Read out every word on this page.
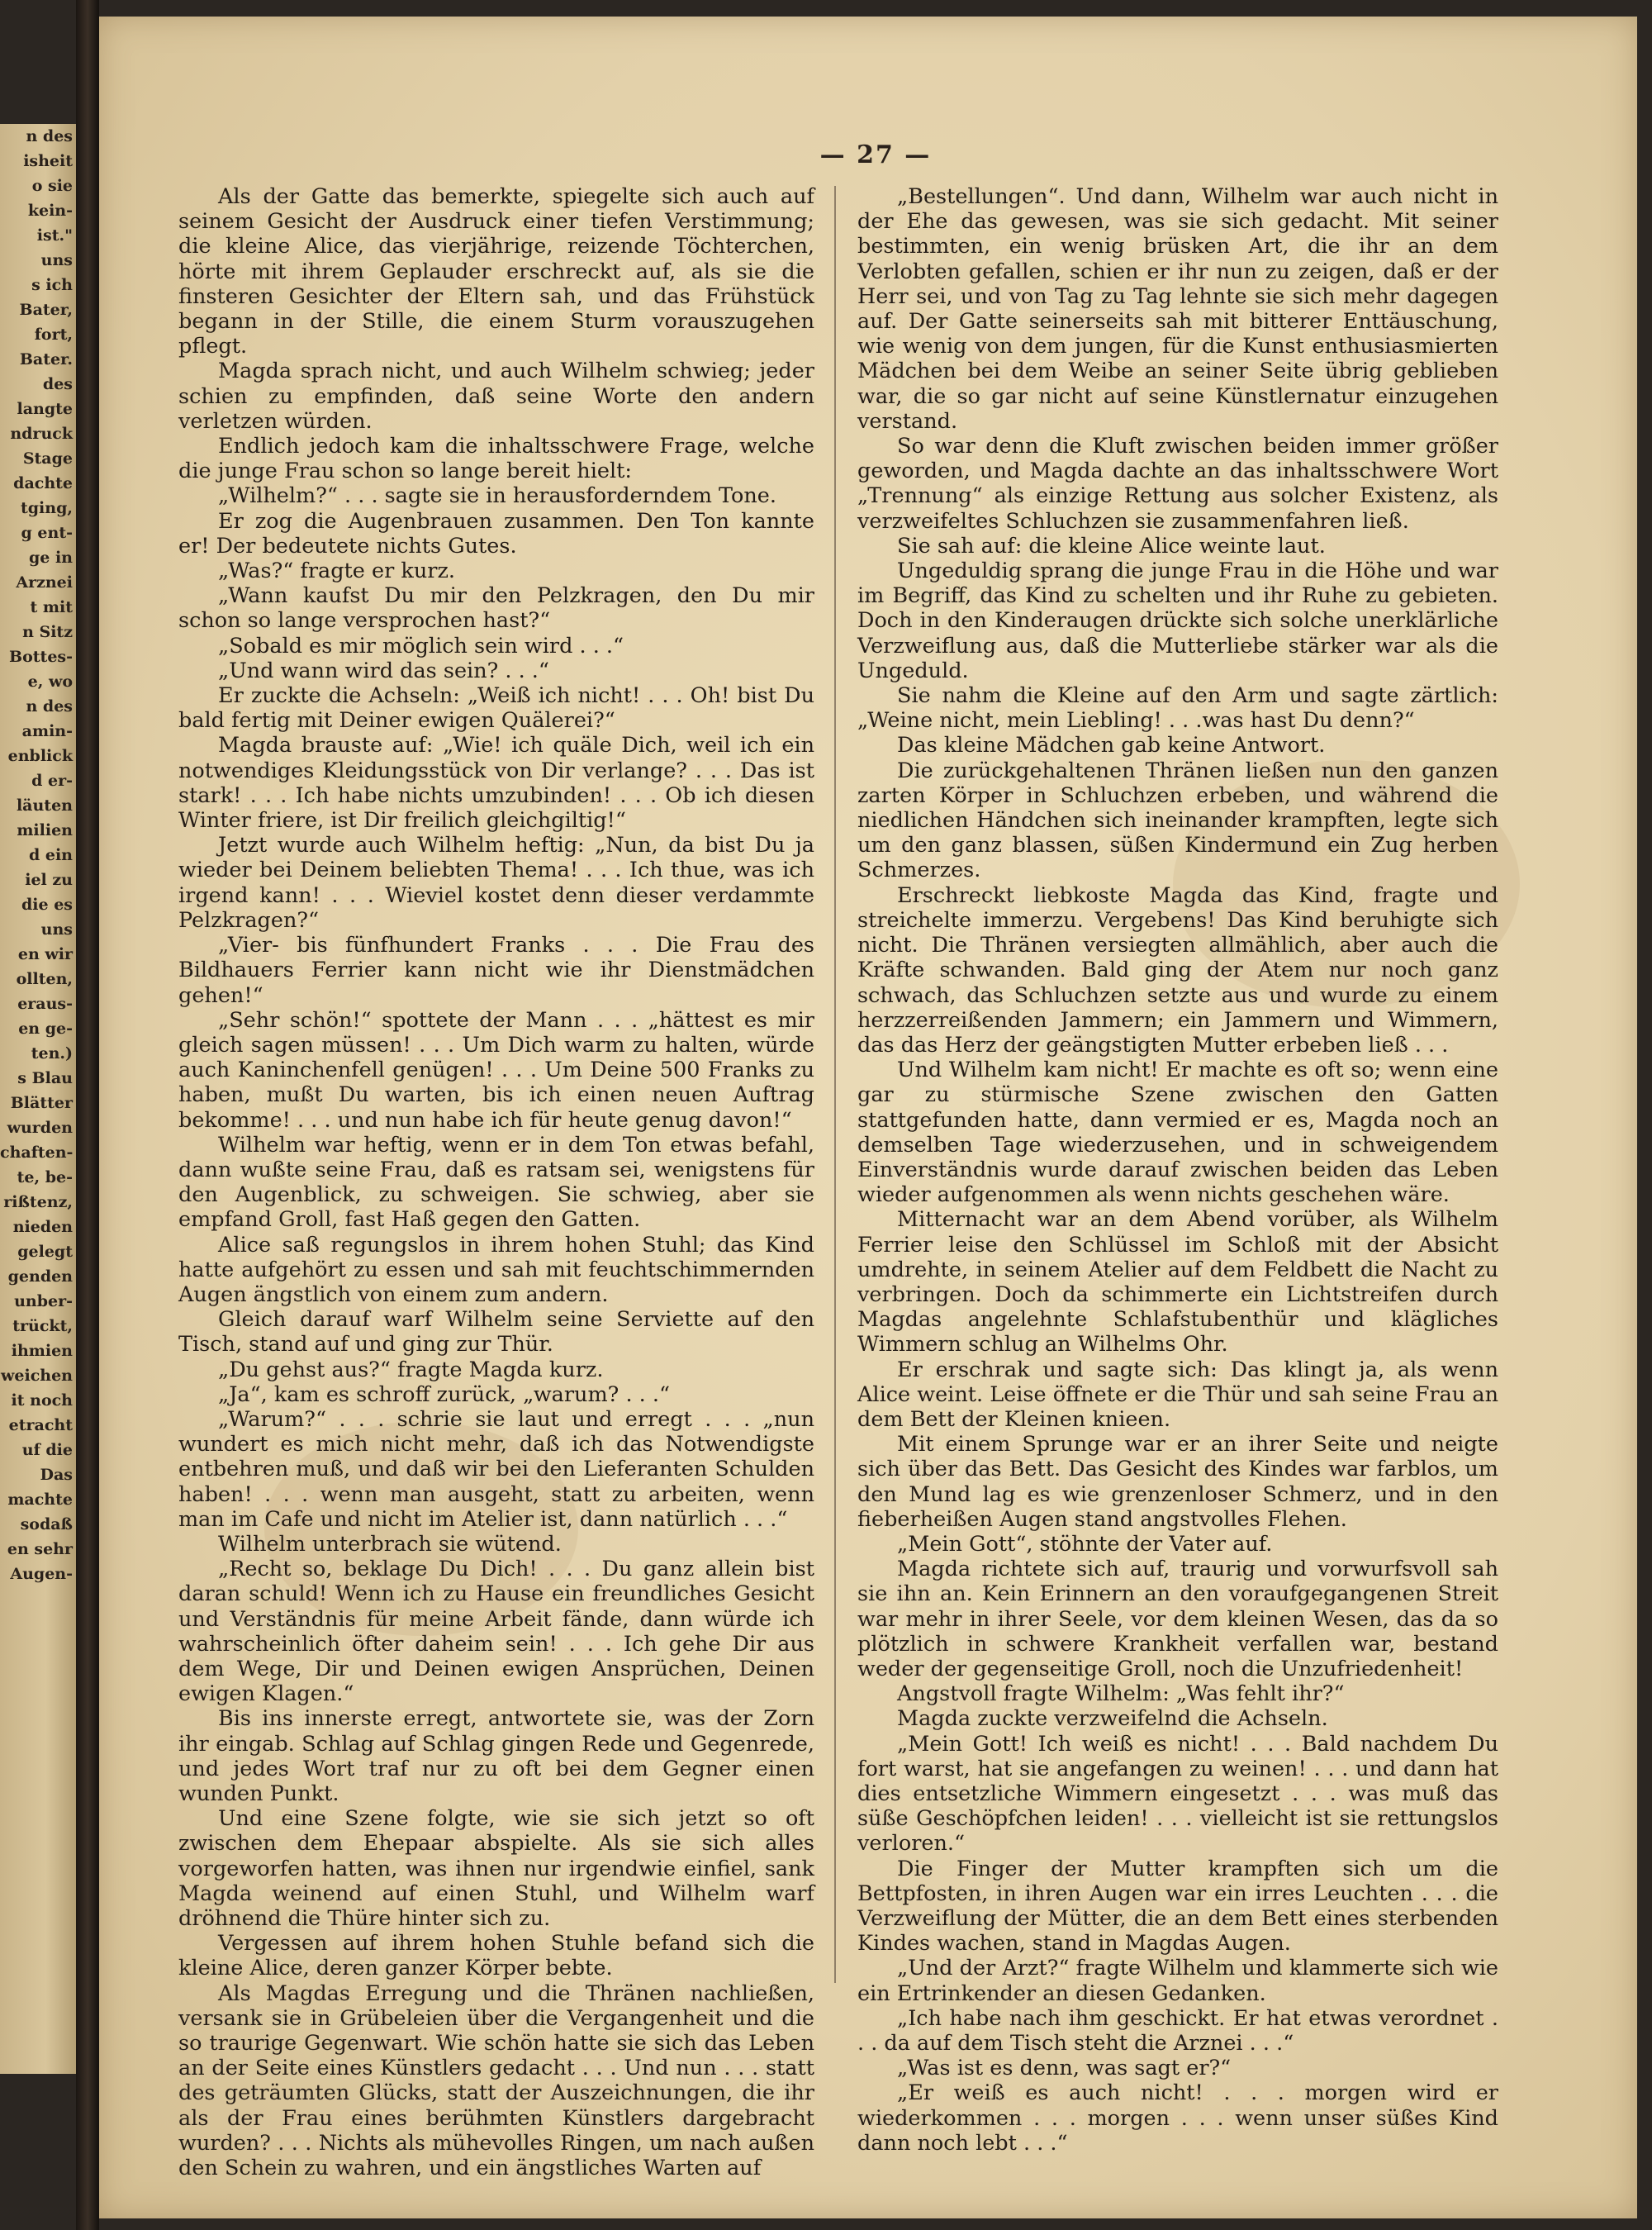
n des
isheit
o sie
kein-
ist."
uns
s ich
Bater,
fort,
Bater.
des
langte
ndruck
Stage
dachte
tging,
g ent-
ge in
Arznei
t mit
n Sitz
Bottes-
e, wo
n des
amin-
enblick
d er-
läuten
milien
d ein
iel zu
die es
uns
en wir
ollten,
eraus-
en ge-
ten.)
s Blau
Blätter
wurden
chaften-
te, be-
rißtenz,
nieden
gelegt
genden
unber-
trückt,
ihmien
weichen
it noch
etracht
uf die
Das
machte
sodaß
en sehr
Augen-
— 27 —

Als der Gatte das bemerkte, spiegelte sich auch auf seinem Gesicht der Ausdruck einer tiefen Verstimmung; die kleine Alice, das vierjährige, reizende Töchterchen, hörte mit ihrem Geplauder erschreckt auf, als sie die finsteren Gesichter der Eltern sah, und das Frühstück begann in der Stille, die einem Sturm vorauszugehen pflegt.

Magda sprach nicht, und auch Wilhelm schwieg; jeder schien zu empfinden, daß seine Worte den andern verletzen würden.

Endlich jedoch kam die inhaltsschwere Frage, welche die junge Frau schon so lange bereit hielt:

„Wilhelm?“ . . . sagte sie in herausforderndem Tone.

Er zog die Augenbrauen zusammen. Den Ton kannte er! Der bedeutete nichts Gutes.

„Was?“ fragte er kurz.

„Wann kaufst Du mir den Pelzkragen, den Du mir schon so lange versprochen hast?“

„Sobald es mir möglich sein wird . . .“

„Und wann wird das sein? . . .“

Er zuckte die Achseln: „Weiß ich nicht! . . . Oh! bist Du bald fertig mit Deiner ewigen Quälerei?“

Magda brauste auf: „Wie! ich quäle Dich, weil ich ein notwendiges Kleidungsstück von Dir verlange? . . . Das ist stark! . . . Ich habe nichts umzubinden! . . . Ob ich diesen Winter friere, ist Dir freilich gleichgiltig!“

Jetzt wurde auch Wilhelm heftig: „Nun, da bist Du ja wieder bei Deinem beliebten Thema! . . . Ich thue, was ich irgend kann! . . . Wieviel kostet denn dieser verdammte Pelzkragen?“

„Vier- bis fünfhundert Franks . . . Die Frau des Bildhauers Ferrier kann nicht wie ihr Dienstmädchen gehen!“

„Sehr schön!“ spottete der Mann . . . „hättest es mir gleich sagen müssen! . . . Um Dich warm zu halten, würde auch Kaninchenfell genügen! . . . Um Deine 500 Franks zu haben, mußt Du warten, bis ich einen neuen Auftrag bekomme! . . . und nun habe ich für heute genug davon!“

Wilhelm war heftig, wenn er in dem Ton etwas befahl, dann wußte seine Frau, daß es ratsam sei, wenigstens für den Augenblick, zu schweigen. Sie schwieg, aber sie empfand Groll, fast Haß gegen den Gatten.

Alice saß regungslos in ihrem hohen Stuhl; das Kind hatte aufgehört zu essen und sah mit feuchtschimmernden Augen ängstlich von einem zum andern.

Gleich darauf warf Wilhelm seine Serviette auf den Tisch, stand auf und ging zur Thür.

„Du gehst aus?“ fragte Magda kurz.

„Ja“, kam es schroff zurück, „warum? . . .“

„Warum?“ . . . schrie sie laut und erregt . . . „nun wundert es mich nicht mehr, daß ich das Notwendigste entbehren muß, und daß wir bei den Lieferanten Schulden haben! . . . wenn man ausgeht, statt zu arbeiten, wenn man im Cafe und nicht im Atelier ist, dann natürlich . . .“

Wilhelm unterbrach sie wütend.

„Recht so, beklage Du Dich! . . . Du ganz allein bist daran schuld! Wenn ich zu Hause ein freundliches Gesicht und Verständnis für meine Arbeit fände, dann würde ich wahrscheinlich öfter daheim sein! . . . Ich gehe Dir aus dem Wege, Dir und Deinen ewigen Ansprüchen, Deinen ewigen Klagen.“

Bis ins innerste erregt, antwortete sie, was der Zorn ihr eingab. Schlag auf Schlag gingen Rede und Gegenrede, und jedes Wort traf nur zu oft bei dem Gegner einen wunden Punkt.

Und eine Szene folgte, wie sie sich jetzt so oft zwischen dem Ehepaar abspielte. Als sie sich alles vorgeworfen hatten, was ihnen nur irgendwie einfiel, sank Magda weinend auf einen Stuhl, und Wilhelm warf dröhnend die Thüre hinter sich zu.

Vergessen auf ihrem hohen Stuhle befand sich die kleine Alice, deren ganzer Körper bebte.

Als Magdas Erregung und die Thränen nachließen, versank sie in Grübeleien über die Vergangenheit und die so traurige Gegenwart. Wie schön hatte sie sich das Leben an der Seite eines Künstlers gedacht . . . Und nun . . . statt des geträumten Glücks, statt der Auszeichnungen, die ihr als der Frau eines berühmten Künstlers dargebracht wurden? . . . Nichts als mühevolles Ringen, um nach außen den Schein zu wahren, und ein ängstliches Warten auf

„Bestellungen“. Und dann, Wilhelm war auch nicht in der Ehe das gewesen, was sie sich gedacht. Mit seiner bestimmten, ein wenig brüsken Art, die ihr an dem Verlobten gefallen, schien er ihr nun zu zeigen, daß er der Herr sei, und von Tag zu Tag lehnte sie sich mehr dagegen auf. Der Gatte seinerseits sah mit bitterer Enttäuschung, wie wenig von dem jungen, für die Kunst enthusiasmierten Mädchen bei dem Weibe an seiner Seite übrig geblieben war, die so gar nicht auf seine Künstlernatur einzugehen verstand.

So war denn die Kluft zwischen beiden immer größer geworden, und Magda dachte an das inhaltsschwere Wort „Trennung“ als einzige Rettung aus solcher Existenz, als verzweifeltes Schluchzen sie zusammenfahren ließ.

Sie sah auf: die kleine Alice weinte laut.

Ungeduldig sprang die junge Frau in die Höhe und war im Begriff, das Kind zu schelten und ihr Ruhe zu gebieten. Doch in den Kinderaugen drückte sich solche unerklärliche Verzweiflung aus, daß die Mutterliebe stärker war als die Ungeduld.

Sie nahm die Kleine auf den Arm und sagte zärtlich: „Weine nicht, mein Liebling! . . .was hast Du denn?“

Das kleine Mädchen gab keine Antwort.

Die zurückgehaltenen Thränen ließen nun den ganzen zarten Körper in Schluchzen erbeben, und während die niedlichen Händchen sich ineinander krampften, legte sich um den ganz blassen, süßen Kindermund ein Zug herben Schmerzes.

Erschreckt liebkoste Magda das Kind, fragte und streichelte immerzu. Vergebens! Das Kind beruhigte sich nicht. Die Thränen versiegten allmählich, aber auch die Kräfte schwanden. Bald ging der Atem nur noch ganz schwach, das Schluchzen setzte aus und wurde zu einem herzzerreißenden Jammern; ein Jammern und Wimmern, das das Herz der geängstigten Mutter erbeben ließ . . .

Und Wilhelm kam nicht! Er machte es oft so; wenn eine gar zu stürmische Szene zwischen den Gatten stattgefunden hatte, dann vermied er es, Magda noch an demselben Tage wiederzusehen, und in schweigendem Einverständnis wurde darauf zwischen beiden das Leben wieder aufgenommen als wenn nichts geschehen wäre.

Mitternacht war an dem Abend vorüber, als Wilhelm Ferrier leise den Schlüssel im Schloß mit der Absicht umdrehte, in seinem Atelier auf dem Feldbett die Nacht zu verbringen. Doch da schimmerte ein Lichtstreifen durch Magdas angelehnte Schlafstubenthür und klägliches Wimmern schlug an Wilhelms Ohr.

Er erschrak und sagte sich: Das klingt ja, als wenn Alice weint. Leise öffnete er die Thür und sah seine Frau an dem Bett der Kleinen knieen.

Mit einem Sprunge war er an ihrer Seite und neigte sich über das Bett. Das Gesicht des Kindes war farblos, um den Mund lag es wie grenzenloser Schmerz, und in den fieberheißen Augen stand angstvolles Flehen.

„Mein Gott“, stöhnte der Vater auf.

Magda richtete sich auf, traurig und vorwurfsvoll sah sie ihn an. Kein Erinnern an den voraufgegangenen Streit war mehr in ihrer Seele, vor dem kleinen Wesen, das da so plötzlich in schwere Krankheit verfallen war, bestand weder der gegenseitige Groll, noch die Unzufriedenheit!

Angstvoll fragte Wilhelm: „Was fehlt ihr?“

Magda zuckte verzweifelnd die Achseln.

„Mein Gott! Ich weiß es nicht! . . . Bald nachdem Du fort warst, hat sie angefangen zu weinen! . . . und dann hat dies entsetzliche Wimmern eingesetzt . . . was muß das süße Geschöpfchen leiden! . . . vielleicht ist sie rettungslos verloren.“

Die Finger der Mutter krampften sich um die Bettpfosten, in ihren Augen war ein irres Leuchten . . . die Verzweiflung der Mütter, die an dem Bett eines sterbenden Kindes wachen, stand in Magdas Augen.

„Und der Arzt?“ fragte Wilhelm und klammerte sich wie ein Ertrinkender an diesen Gedanken.

„Ich habe nach ihm geschickt. Er hat etwas verordnet . . . da auf dem Tisch steht die Arznei . . .“

„Was ist es denn, was sagt er?“

„Er weiß es auch nicht! . . . morgen wird er wiederkommen . . . morgen . . . wenn unser süßes Kind dann noch lebt . . .“
